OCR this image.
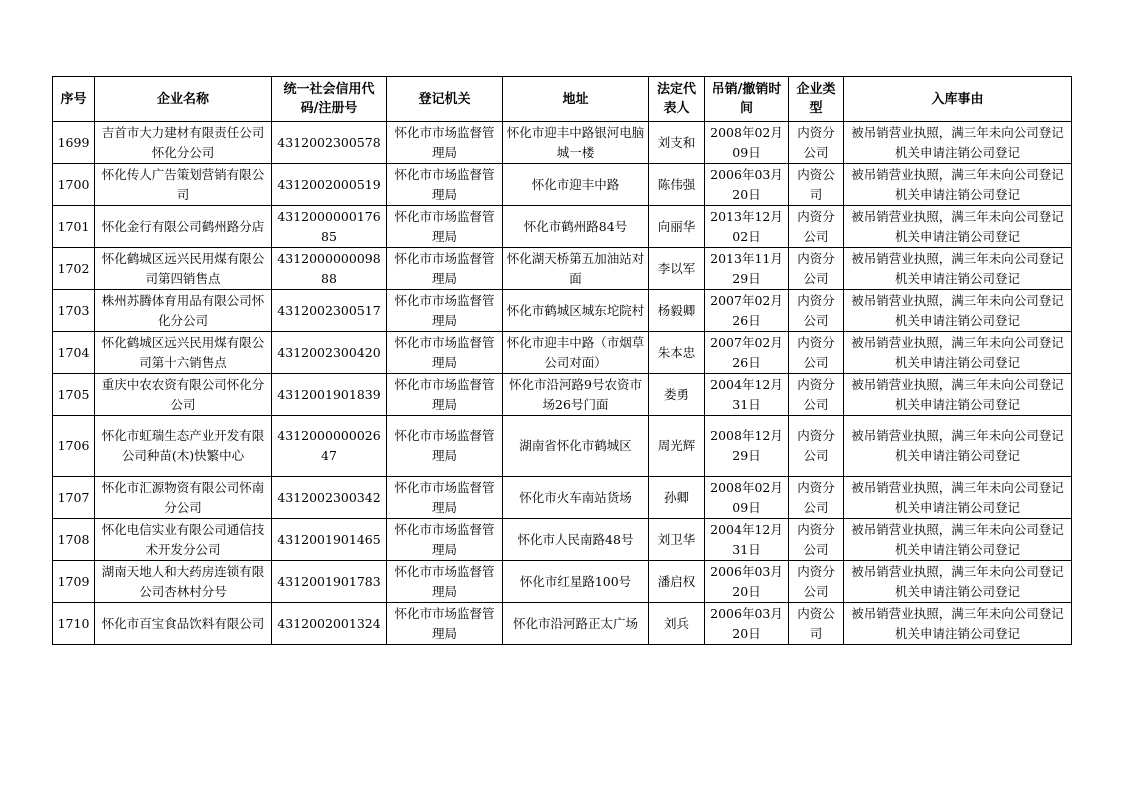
序号	企业名称	统一社会信用代码/注册号	登记机关	地址	法定代表人	吊销/撤销时间	企业类型	入库事由
1699	吉首市大力建材有限责任公司怀化分公司	4312002300578	怀化市市场监督管理局	怀化市迎丰中路银河电脑城一楼	刘支和	2008年02月09日	内资分公司	被吊销营业执照，满三年未向公司登记机关申请注销公司登记
1700	怀化传人广告策划营销有限公司	4312002000519	怀化市市场监督管理局	怀化市迎丰中路	陈伟强	2006年03月20日	内资公司	被吊销营业执照，满三年未向公司登记机关申请注销公司登记
1701	怀化金行有限公司鹤州路分店	431200000017685	怀化市市场监督管理局	怀化市鹤州路84号	向丽华	2013年12月02日	内资分公司	被吊销营业执照，满三年未向公司登记机关申请注销公司登记
1702	怀化鹤城区远兴民用煤有限公司第四销售点	431200000009888	怀化市市场监督管理局	怀化湖天桥第五加油站对面	李以军	2013年11月29日	内资分公司	被吊销营业执照，满三年未向公司登记机关申请注销公司登记
1703	株州苏腾体育用品有限公司怀化分公司	4312002300517	怀化市市场监督管理局	怀化市鹤城区城东坨院村	杨毅卿	2007年02月26日	内资分公司	被吊销营业执照，满三年未向公司登记机关申请注销公司登记
1704	怀化鹤城区远兴民用煤有限公司第十六销售点	4312002300420	怀化市市场监督管理局	怀化市迎丰中路（市烟草公司对面）	朱本忠	2007年02月26日	内资分公司	被吊销营业执照，满三年未向公司登记机关申请注销公司登记
1705	重庆中农农资有限公司怀化分公司	4312001901839	怀化市市场监督管理局	怀化市沿河路9号农资市场26号门面	娄勇	2004年12月31日	内资分公司	被吊销营业执照，满三年未向公司登记机关申请注销公司登记
1706	怀化市虹瑞生态产业开发有限公司种苗(木)快繁中心	431200000002647	怀化市市场监督管理局	湖南省怀化市鹤城区	周光辉	2008年12月29日	内资分公司	被吊销营业执照，满三年未向公司登记机关申请注销公司登记
1707	怀化市汇源物资有限公司怀南分公司	4312002300342	怀化市市场监督管理局	怀化市火车南站货场	孙卿	2008年02月09日	内资分公司	被吊销营业执照，满三年未向公司登记机关申请注销公司登记
1708	怀化电信实业有限公司通信技术开发分公司	4312001901465	怀化市市场监督管理局	怀化市人民南路48号	刘卫华	2004年12月31日	内资分公司	被吊销营业执照，满三年未向公司登记机关申请注销公司登记
1709	湖南天地人和大药房连锁有限公司杏林村分号	4312001901783	怀化市市场监督管理局	怀化市红星路100号	潘启权	2006年03月20日	内资分公司	被吊销营业执照，满三年未向公司登记机关申请注销公司登记
1710	怀化市百宝食品饮料有限公司	4312002001324	怀化市市场监督管理局	怀化市沿河路正太广场	刘兵	2006年03月20日	内资公司	被吊销营业执照，满三年未向公司登记机关申请注销公司登记
